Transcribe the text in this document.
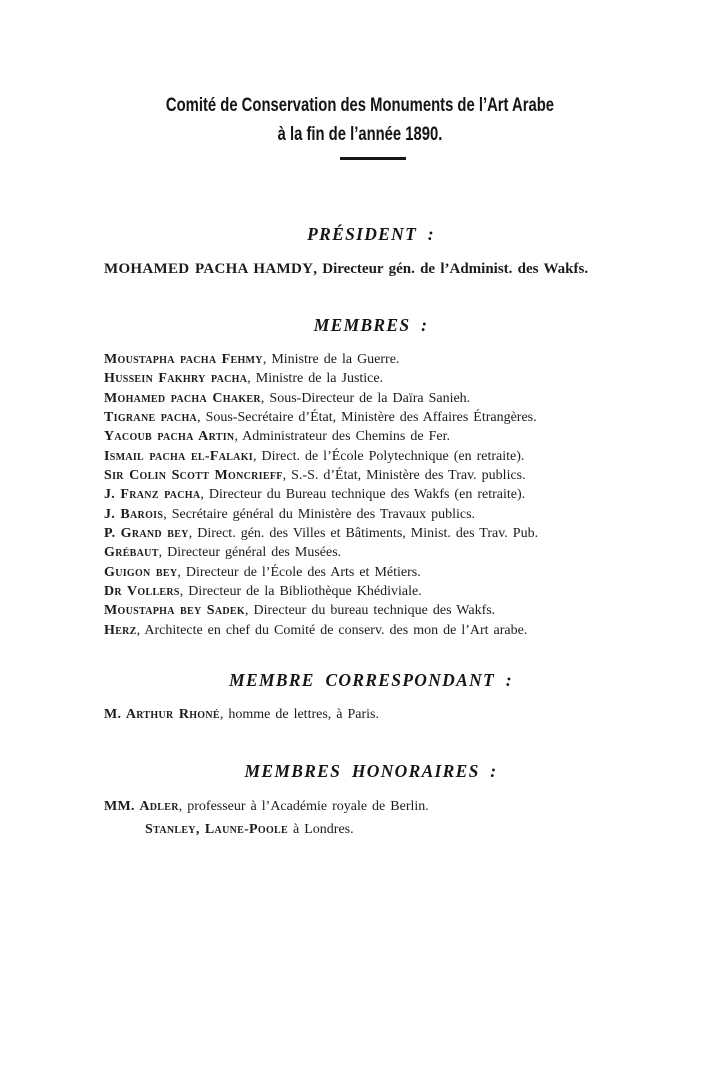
Comité de Conservation des Monuments de l’Art Arabe
à la fin de l’année 1890.
PRÉSIDENT :

MOHAMED PACHA HAMDY, Directeur gén. de l’Administ. des Wakfs.

MEMBRES :

Moustapha pacha Fehmy, Ministre de la Guerre.

Hussein Fakhry pacha, Ministre de la Justice.

Mohamed pacha Chaker, Sous-Directeur de la Daïra Sanieh.

Tigrane pacha, Sous-Secrétaire d’État, Ministère des Affaires Étrangères.

Yacoub pacha Artin, Administrateur des Chemins de Fer.

Ismail pacha el-Falaki, Direct. de l’École Polytechnique (en retraite).

Sir Colin Scott Moncrieff, S.-S. d’État, Ministère des Trav. publics.

J. Franz pacha, Directeur du Bureau technique des Wakfs (en retraite).

J. Barois, Secrétaire général du Ministère des Travaux publics.

P. Grand bey, Direct. gén. des Villes et Bâtiments, Minist. des Trav. Pub.

Grébaut, Directeur général des Musées.

Guigon bey, Directeur de l’École des Arts et Métiers.

Dr Vollers, Directeur de la Bibliothèque Khédiviale.

Moustapha bey Sadek, Directeur du bureau technique des Wakfs.

Herz, Architecte en chef du Comité de conserv. des mon de l’Art arabe.

MEMBRE CORRESPONDANT :

M. Arthur Rhoné, homme de lettres, à Paris.

MEMBRES HONORAIRES :

MM. Adler, professeur à l’Académie royale de Berlin.

Stanley, Laune-Poole à Londres.
